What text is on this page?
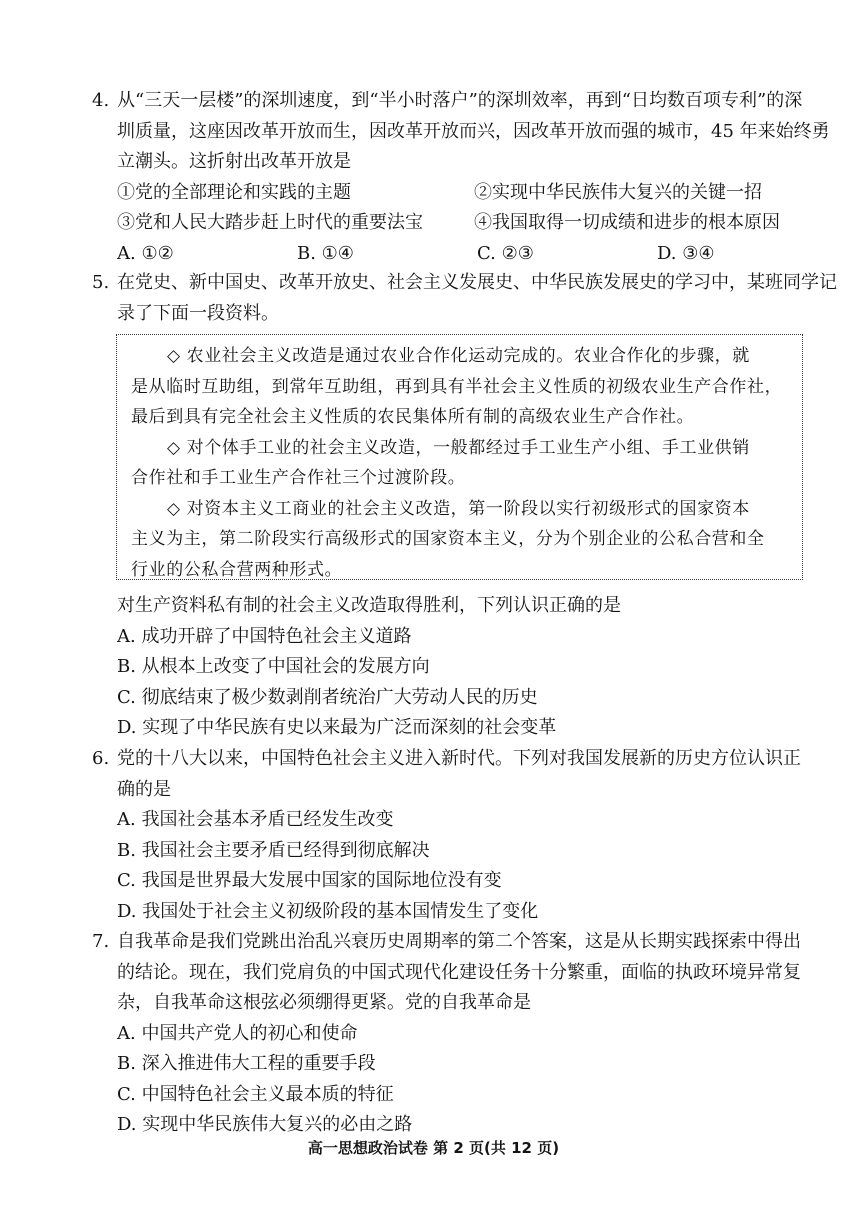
4. 从“三天一层楼”的深圳速度，到“半小时落户”的深圳效率，再到“日均数百项专利”的深
圳质量，这座因改革开放而生，因改革开放而兴，因改革开放而强的城市，45 年来始终勇
立潮头。这折射出改革开放是
①党的全部理论和实践的主题	②实现中华民族伟大复兴的关键一招
③党和人民大踏步赶上时代的重要法宝	④我国取得一切成绩和进步的根本原因
A. ①②	B. ①④	C. ②③	D. ③④
5. 在党史、新中国史、改革开放史、社会主义发展史、中华民族发展史的学习中，某班同学记
录了下面一段资料。
◇ 农业社会主义改造是通过农业合作化运动完成的。农业合作化的步骤，就
是从临时互助组，到常年互助组，再到具有半社会主义性质的初级农业生产合作社，
最后到具有完全社会主义性质的农民集体所有制的高级农业生产合作社。
◇ 对个体手工业的社会主义改造，一般都经过手工业生产小组、手工业供销
合作社和手工业生产合作社三个过渡阶段。
◇ 对资本主义工商业的社会主义改造，第一阶段以实行初级形式的国家资本
主义为主，第二阶段实行高级形式的国家资本主义，分为个别企业的公私合营和全
行业的公私合营两种形式。
对生产资料私有制的社会主义改造取得胜利，下列认识正确的是
A. 成功开辟了中国特色社会主义道路
B. 从根本上改变了中国社会的发展方向
C. 彻底结束了极少数剥削者统治广大劳动人民的历史
D. 实现了中华民族有史以来最为广泛而深刻的社会变革
6. 党的十八大以来，中国特色社会主义进入新时代。下列对我国发展新的历史方位认识正
确的是
A. 我国社会基本矛盾已经发生改变
B. 我国社会主要矛盾已经得到彻底解决
C. 我国是世界最大发展中国家的国际地位没有变
D. 我国处于社会主义初级阶段的基本国情发生了变化
7. 自我革命是我们党跳出治乱兴衰历史周期率的第二个答案，这是从长期实践探索中得出
的结论。现在，我们党肩负的中国式现代化建设任务十分繁重，面临的执政环境异常复
杂，自我革命这根弦必须绷得更紧。党的自我革命是
A. 中国共产党人的初心和使命
B. 深入推进伟大工程的重要手段
C. 中国特色社会主义最本质的特征
D. 实现中华民族伟大复兴的必由之路
高一思想政治试卷 第 2 页(共 12 页)
